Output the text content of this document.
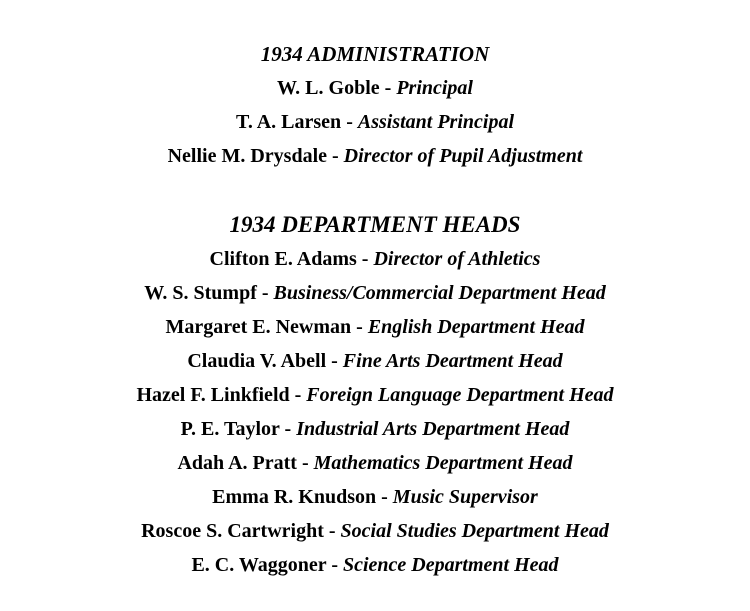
1934 ADMINISTRATION
W. L. Goble - Principal
T. A. Larsen - Assistant Principal
Nellie M. Drysdale - Director of Pupil Adjustment
1934 DEPARTMENT HEADS
Clifton E. Adams - Director of Athletics
W. S. Stumpf - Business/Commercial Department Head
Margaret E. Newman - English Department Head
Claudia V. Abell - Fine Arts Deartment Head
Hazel F. Linkfield - Foreign Language Department Head
P. E. Taylor - Industrial Arts Department Head
Adah A. Pratt - Mathematics Department Head
Emma R. Knudson - Music Supervisor
Roscoe S. Cartwright - Social Studies Department Head
E. C. Waggoner - Science Department Head
